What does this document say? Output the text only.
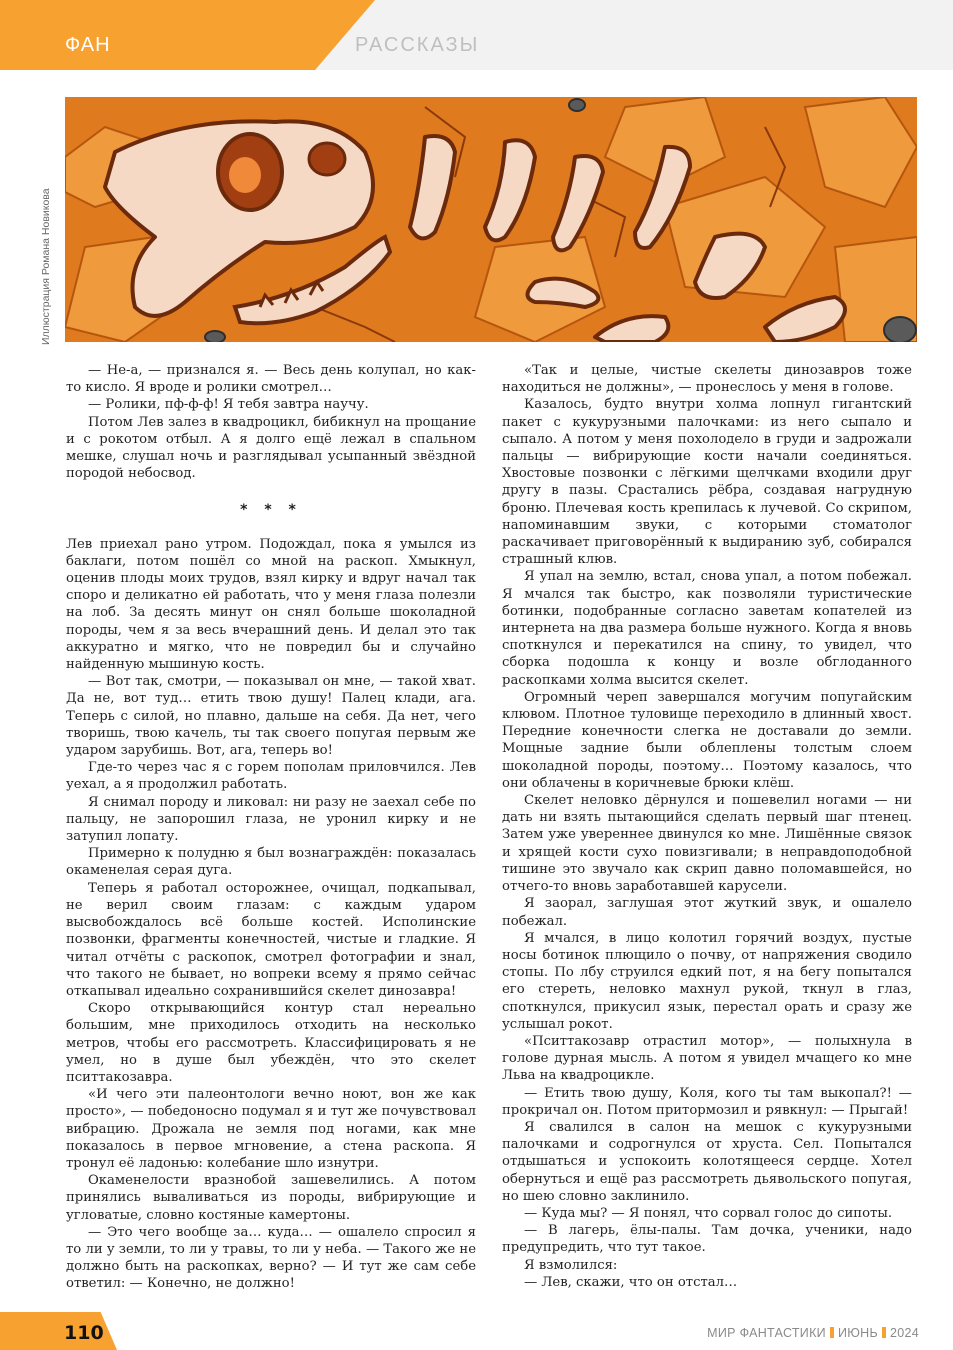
ФАН	РАССКАЗЫ
Иллюстрация Романа Новикова

— Не-а, — признался я. — Весь день колупал, но как-то кисло. Я вроде и ролики смотрел…

— Ролики, пф-ф-ф! Я тебя завтра научу.

Потом Лев залез в квадроцикл, бибикнул на прощание и с рокотом отбыл. А я долго ещё лежал в спальном мешке, слушал ночь и разглядывал усыпанный звёздной породой небосвод.

* * *

Лев приехал рано утром. Подождал, пока я умылся из баклаги, потом пошёл со мной на раскоп. Хмыкнул, оценив плоды моих трудов, взял кирку и вдруг начал так споро и деликатно ей работать, что у меня глаза полезли на лоб. За десять минут он снял больше шоколадной породы, чем я за весь вчерашний день. И делал это так аккуратно и мягко, что не повредил бы и случайно найденную мышиную кость.

— Вот так, смотри, — показывал он мне, — такой хват. Да не, вот туд… етить твою душу! Палец клади, ага. Теперь с силой, но плавно, дальше на себя. Да нет, чего творишь, твою качель, ты так своего попугая первым же ударом зарубишь. Вот, ага, теперь во!

Где-то через час я с горем пополам приловчился. Лев уехал, а я продолжил работать.

Я снимал породу и ликовал: ни разу не заехал себе по пальцу, не запорошил глаза, не уронил кирку и не затупил лопату.

Примерно к полудню я был вознаграждён: показалась окаменелая серая дуга.

Теперь я работал осторожнее, очищал, подкапывал, не верил своим глазам: с каждым ударом высвобождалось всё больше костей. Исполинские позвонки, фрагменты конечностей, чистые и гладкие. Я читал отчёты с раскопок, смотрел фотографии и знал, что такого не бывает, но вопреки всему я прямо сейчас откапывал идеально сохранившийся скелет динозавра!

Скоро открывающийся контур стал нереально большим, мне приходилось отходить на несколько метров, чтобы его рассмотреть. Классифицировать я не умел, но в душе был убеждён, что это скелет пситтакозавра.

«И чего эти палеонтологи вечно ноют, вон же как просто», — победоносно подумал я и тут же почувствовал вибрацию. Дрожала не земля под ногами, как мне показалось в первое мгновение, а стена раскопа. Я тронул её ладонью: колебание шло изнутри.

Окаменелости вразнобой зашевелились. А потом принялись вываливаться из породы, вибрирующие и угловатые, словно костяные камертоны.

— Это чего вообще за… куда… — ошалело спросил я то ли у земли, то ли у травы, то ли у неба. — Такого же не должно быть на раскопках, верно? — И тут же сам себе ответил: — Конечно, не должно!

«Так и целые, чистые скелеты динозавров тоже находиться не должны», — пронеслось у меня в голове.

Казалось, будто внутри холма лопнул гигантский пакет с кукурузными палочками: из него сыпало и сыпало. А потом у меня похолодело в груди и задрожали пальцы — вибрирующие кости начали соединяться. Хвостовые позвонки с лёгкими щелчками входили друг другу в пазы. Срастались рёбра, создавая нагрудную броню. Плечевая кость крепилась к лучевой. Со скрипом, напоминавшим звуки, с которыми стоматолог раскачивает приговорённый к выдиранию зуб, собирался страшный клюв.

Я упал на землю, встал, снова упал, а потом побежал. Я мчался так быстро, как позволяли туристические ботинки, подобранные согласно заветам копателей из интернета на два размера больше нужного. Когда я вновь споткнулся и перекатился на спину, то увидел, что сборка подошла к концу и возле обглоданного раскопками холма высится скелет.

Огромный череп завершался могучим попугайским клювом. Плотное туловище переходило в длинный хвост. Передние конечности слегка не доставали до земли. Мощные задние были облеплены толстым слоем шоколадной породы, поэтому… Поэтому казалось, что они облачены в коричневые брюки клёш.

Скелет неловко дёрнулся и пошевелил ногами — ни дать ни взять пытающийся сделать первый шаг птенец. Затем уже увереннее двинулся ко мне. Лишённые связок и хрящей кости сухо повизгивали; в неправдоподобной тишине это звучало как скрип давно поломавшейся, но отчего-то вновь заработавшей карусели.

Я заорал, заглушая этот жуткий звук, и ошалело побежал.

Я мчался, в лицо колотил горячий воздух, пустые носы ботинок плющило о почву, от напряжения сводило стопы. По лбу струился едкий пот, я на бегу попытался его стереть, неловко махнул рукой, ткнул в глаз, споткнулся, прикусил язык, перестал орать и сразу же услышал рокот.

«Пситтакозавр отрастил мотор», — полыхнула в голове дурная мысль. А потом я увидел мчащего ко мне Льва на квадроцикле.

— Етить твою душу, Коля, кого ты там выкопал?! — прокричал он. Потом притормозил и рявкнул: — Прыгай!

Я свалился в салон на мешок с кукурузными палочками и содрогнулся от хруста. Сел. Попытался отдышаться и успокоить колотящееся сердце. Хотел обернуться и ещё раз рассмотреть дьявольского попугая, но шею словно заклинило.

— Куда мы? — Я понял, что сорвал голос до сипоты.

— В лагерь, ёлы-палы. Там дочка, ученики, надо предупредить, что тут такое.

Я взмолился:

— Лев, скажи, что он отстал…

110	МИР ФАНТАСТИКИ ИЮНЬ 2024
